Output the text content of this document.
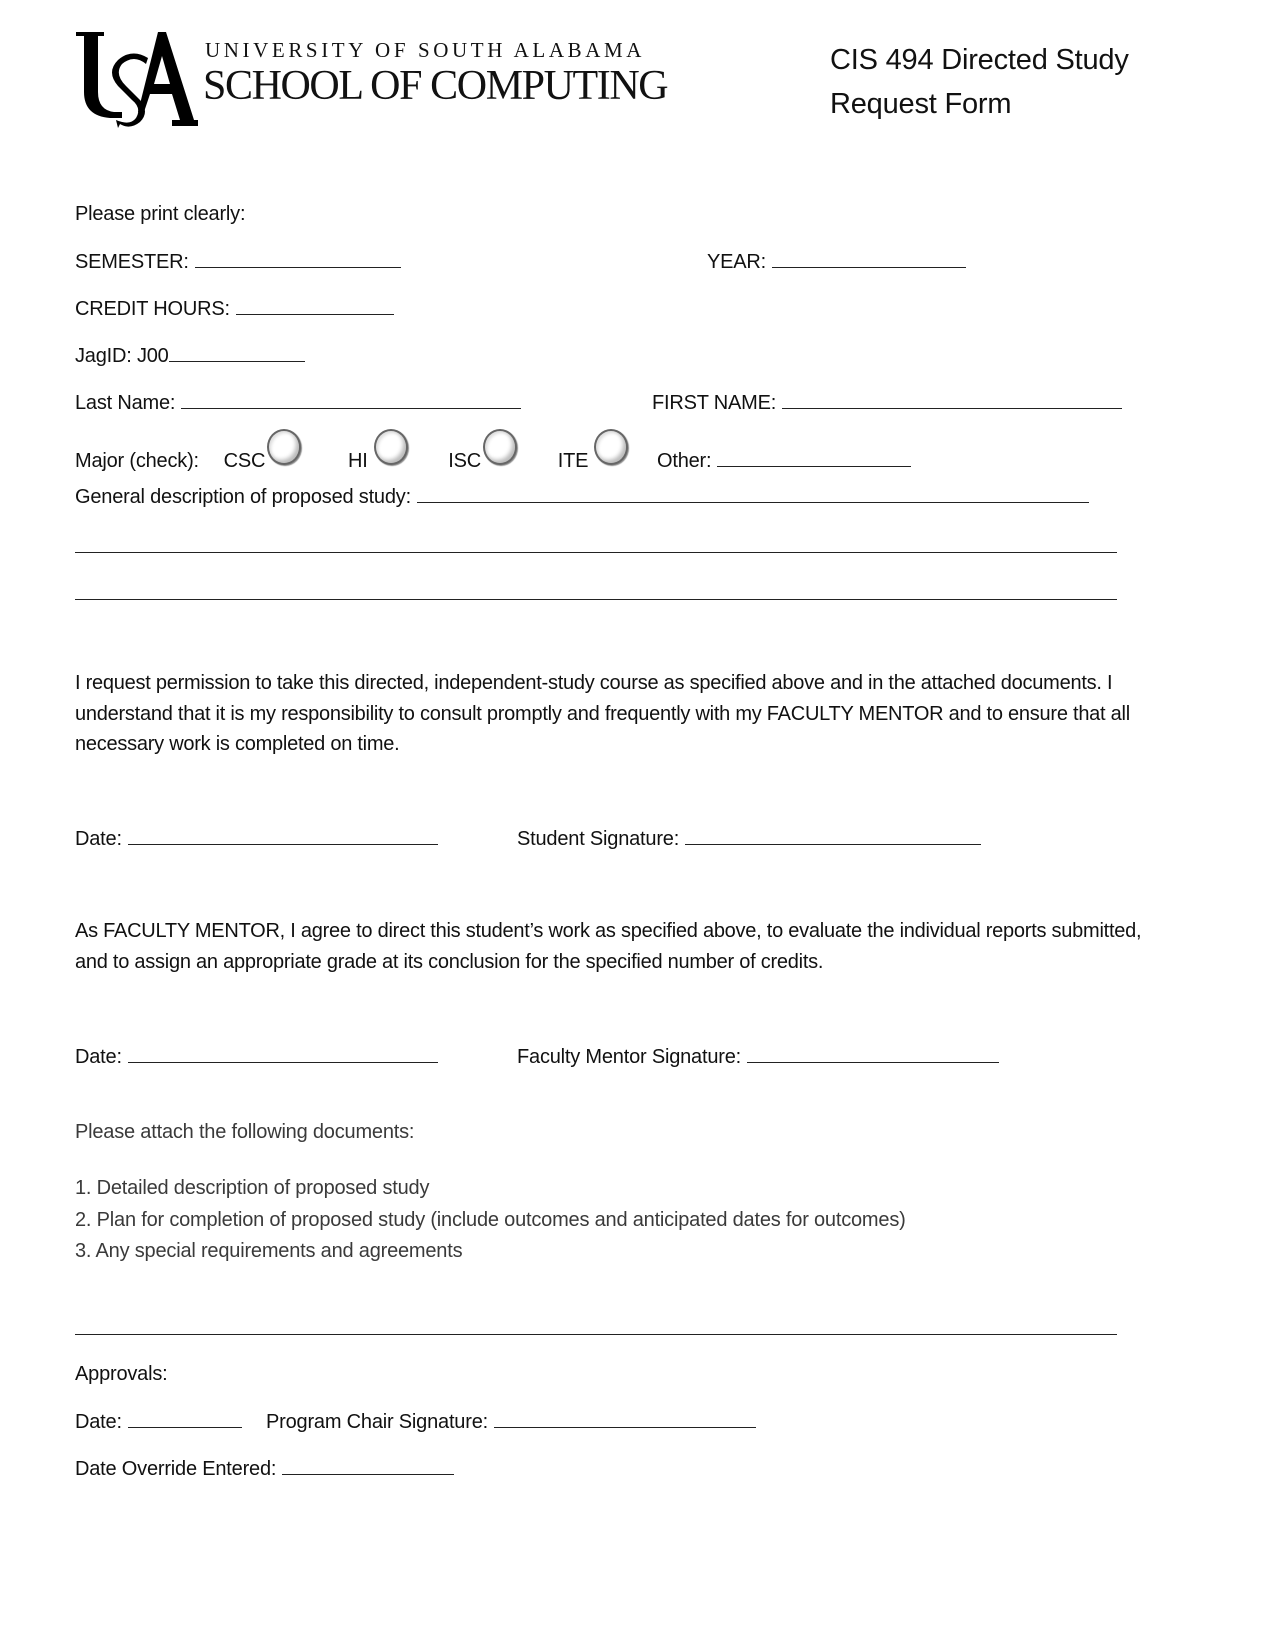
UNIVERSITY OF SOUTH ALABAMA
SCHOOL OF COMPUTING
CIS 494 Directed Study
Request Form
Please print clearly:
SEMESTER:	YEAR:
CREDIT HOURS:
JagID: J00
Last Name:	FIRST NAME:
Major (check): CSC	HI	ISC	ITE	Other:
General description of proposed study:
I request permission to take this directed, independent-study course as specified above and in the attached documents. I understand that it is my responsibility to consult promptly and frequently with my FACULTY MENTOR and to ensure that all necessary work is completed on time.
Date:	Student Signature:
As FACULTY MENTOR, I agree to direct this student’s work as specified above, to evaluate the individual reports submitted, and to assign an appropriate grade at its conclusion for the specified number of credits.
Date:	Faculty Mentor Signature:
Please attach the following documents:
1. Detailed description of proposed study
2. Plan for completion of proposed study (include outcomes and anticipated dates for outcomes)
3. Any special requirements and agreements
Approvals:
Date:	Program Chair Signature:
Date Override Entered:
